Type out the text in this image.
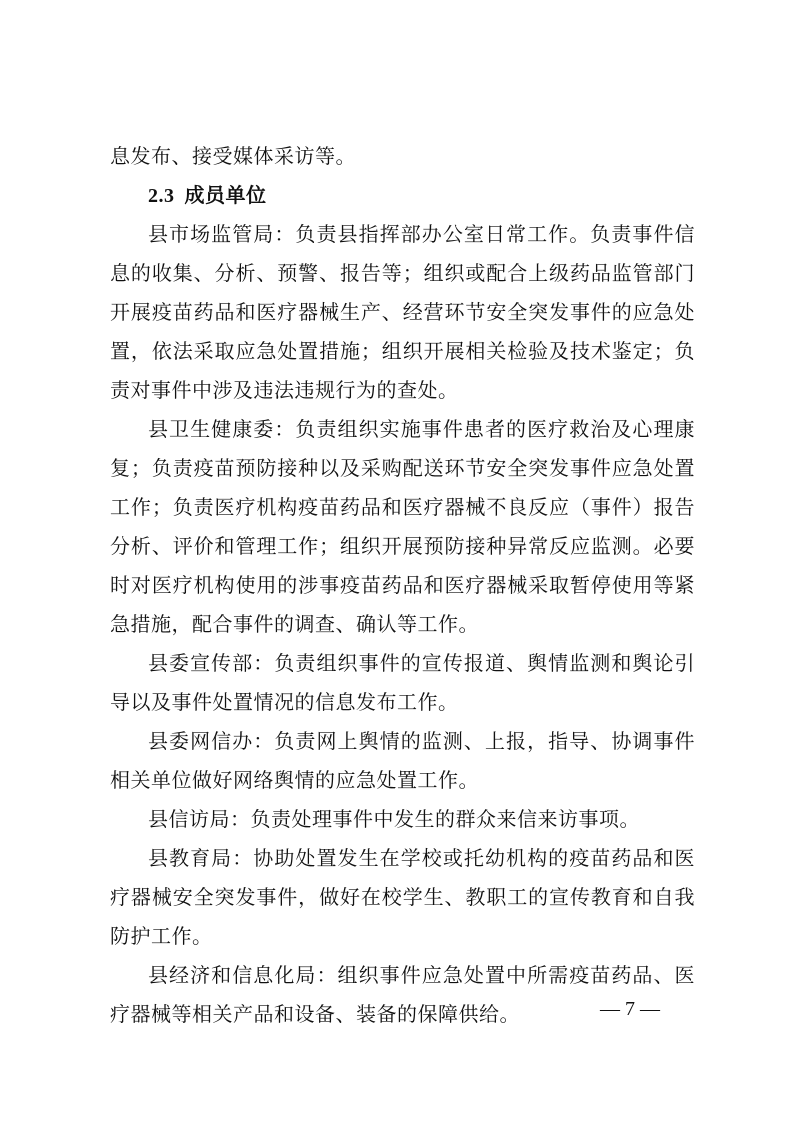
息发布、接受媒体采访等。
2.3 成员单位
县市场监管局：负责县指挥部办公室日常工作。负责事件信
息的收集、分析、预警、报告等；组织或配合上级药品监管部门
开展疫苗药品和医疗器械生产、经营环节安全突发事件的应急处
置，依法采取应急处置措施；组织开展相关检验及技术鉴定；负
责对事件中涉及违法违规行为的查处。
县卫生健康委：负责组织实施事件患者的医疗救治及心理康
复；负责疫苗预防接种以及采购配送环节安全突发事件应急处置
工作；负责医疗机构疫苗药品和医疗器械不良反应（事件）报告
分析、评价和管理工作；组织开展预防接种异常反应监测。必要
时对医疗机构使用的涉事疫苗药品和医疗器械采取暂停使用等紧
急措施，配合事件的调查、确认等工作。
县委宣传部：负责组织事件的宣传报道、舆情监测和舆论引
导以及事件处置情况的信息发布工作。
县委网信办：负责网上舆情的监测、上报，指导、协调事件
相关单位做好网络舆情的应急处置工作。
县信访局：负责处理事件中发生的群众来信来访事项。
县教育局：协助处置发生在学校或托幼机构的疫苗药品和医
疗器械安全突发事件，做好在校学生、教职工的宣传教育和自我
防护工作。
县经济和信息化局：组织事件应急处置中所需疫苗药品、医
疗器械等相关产品和设备、装备的保障供给。	— 7 —
